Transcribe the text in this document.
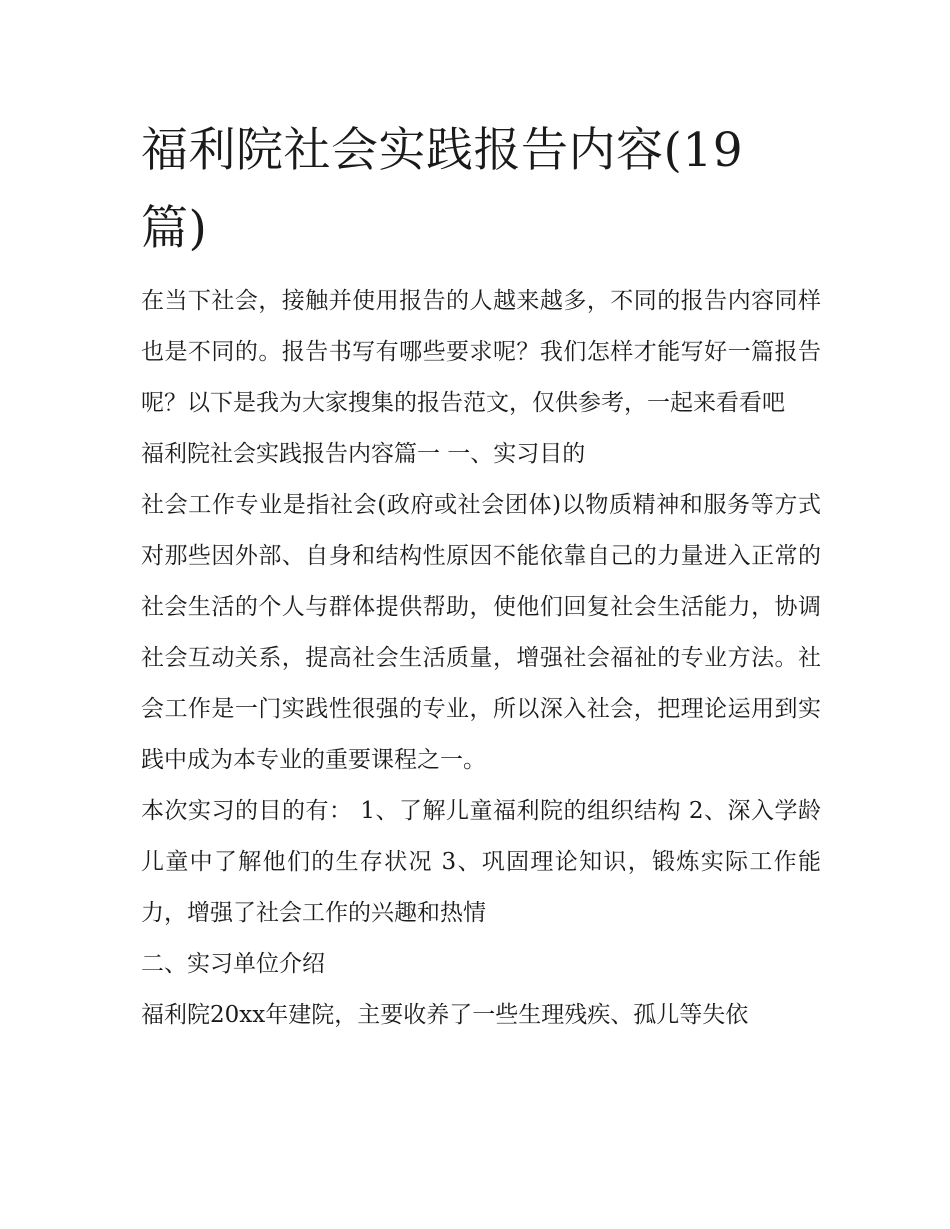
福利院社会实践报告内容(19篇)

在当下社会，接触并使用报告的人越来越多，不同的报告内容同样也是不同的。报告书写有哪些要求呢？我们怎样才能写好一篇报告呢？以下是我为大家搜集的报告范文，仅供参考，一起来看看吧

福利院社会实践报告内容篇一 一、实习目的

社会工作专业是指社会(政府或社会团体)以物质精神和服务等方式对那些因外部、自身和结构性原因不能依靠自己的力量进入正常的社会生活的个人与群体提供帮助，使他们回复社会生活能力，协调社会互动关系，提高社会生活质量，增强社会福祉的专业方法。社会工作是一门实践性很强的专业，所以深入社会，把理论运用到实践中成为本专业的重要课程之一。

本次实习的目的有： 1、了解儿童福利院的组织结构 2、深入学龄儿童中了解他们的生存状况 3、巩固理论知识，锻炼实际工作能力，增强了社会工作的兴趣和热情

二、实习单位介绍

福利院20xx年建院，主要收养了一些生理残疾、孤儿等失依
